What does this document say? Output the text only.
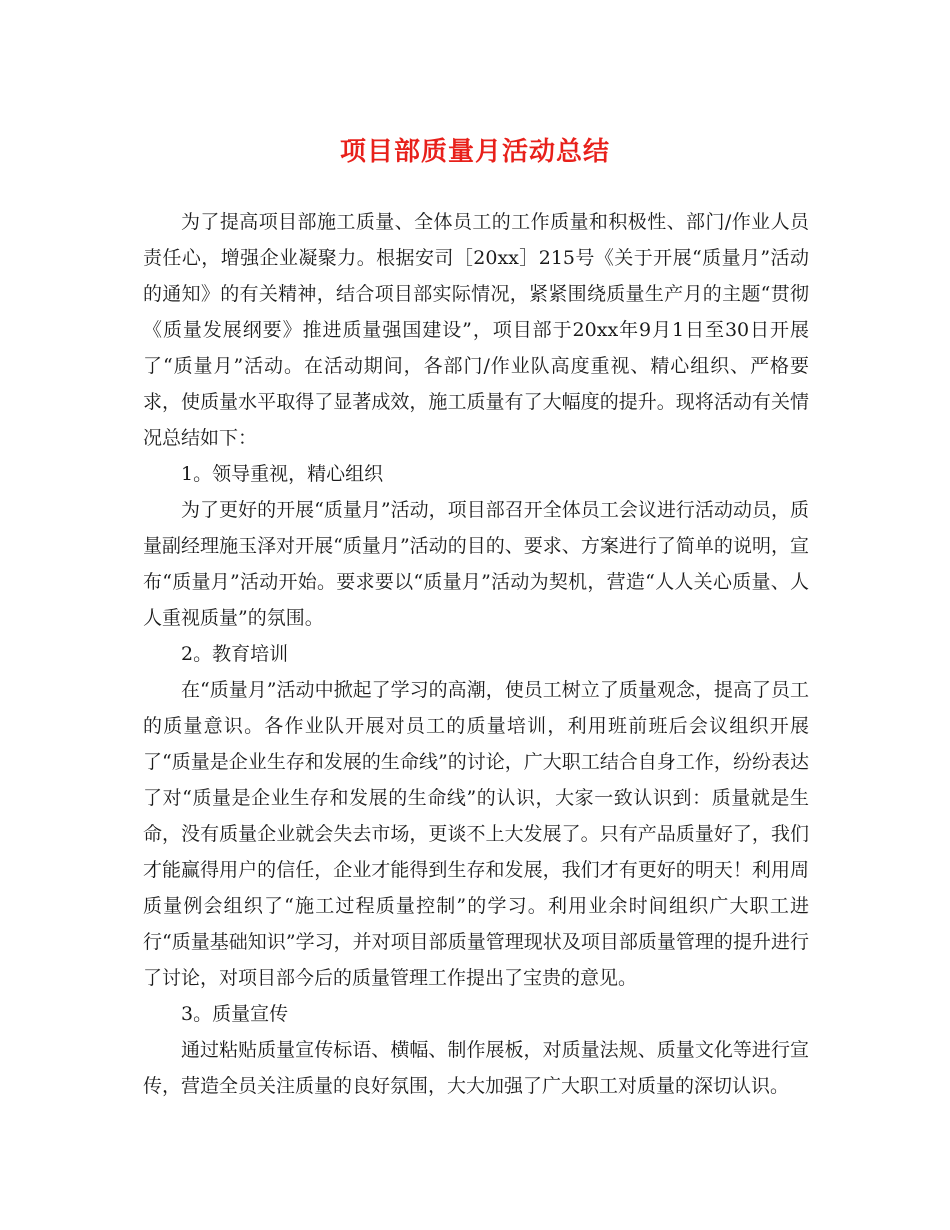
项目部质量月活动总结

为了提高项目部施工质量、全体员工的工作质量和积极性、部门/作业人员责任心，增强企业凝聚力。根据安司［20xx］215号《关于开展“质量月”活动的通知》的有关精神，结合项目部实际情况，紧紧围绕质量生产月的主题“贯彻《质量发展纲要》推进质量强国建设”，项目部于20xx年9月1日至30日开展了“质量月”活动。在活动期间，各部门/作业队高度重视、精心组织、严格要求，使质量水平取得了显著成效，施工质量有了大幅度的提升。现将活动有关情况总结如下：

1。领导重视，精心组织

为了更好的开展“质量月”活动，项目部召开全体员工会议进行活动动员，质量副经理施玉泽对开展“质量月”活动的目的、要求、方案进行了简单的说明，宣布“质量月”活动开始。要求要以“质量月”活动为契机，营造“人人关心质量、人人重视质量”的氛围。

2。教育培训

在“质量月”活动中掀起了学习的高潮，使员工树立了质量观念，提高了员工的质量意识。各作业队开展对员工的质量培训，利用班前班后会议组织开展了“质量是企业生存和发展的生命线”的讨论，广大职工结合自身工作，纷纷表达了对“质量是企业生存和发展的生命线”的认识，大家一致认识到：质量就是生命，没有质量企业就会失去市场，更谈不上大发展了。只有产品质量好了，我们才能赢得用户的信任，企业才能得到生存和发展，我们才有更好的明天！利用周质量例会组织了“施工过程质量控制”的学习。利用业余时间组织广大职工进行“质量基础知识”学习，并对项目部质量管理现状及项目部质量管理的提升进行了讨论，对项目部今后的质量管理工作提出了宝贵的意见。

3。质量宣传

通过粘贴质量宣传标语、横幅、制作展板，对质量法规、质量文化等进行宣传，营造全员关注质量的良好氛围，大大加强了广大职工对质量的深切认识。
